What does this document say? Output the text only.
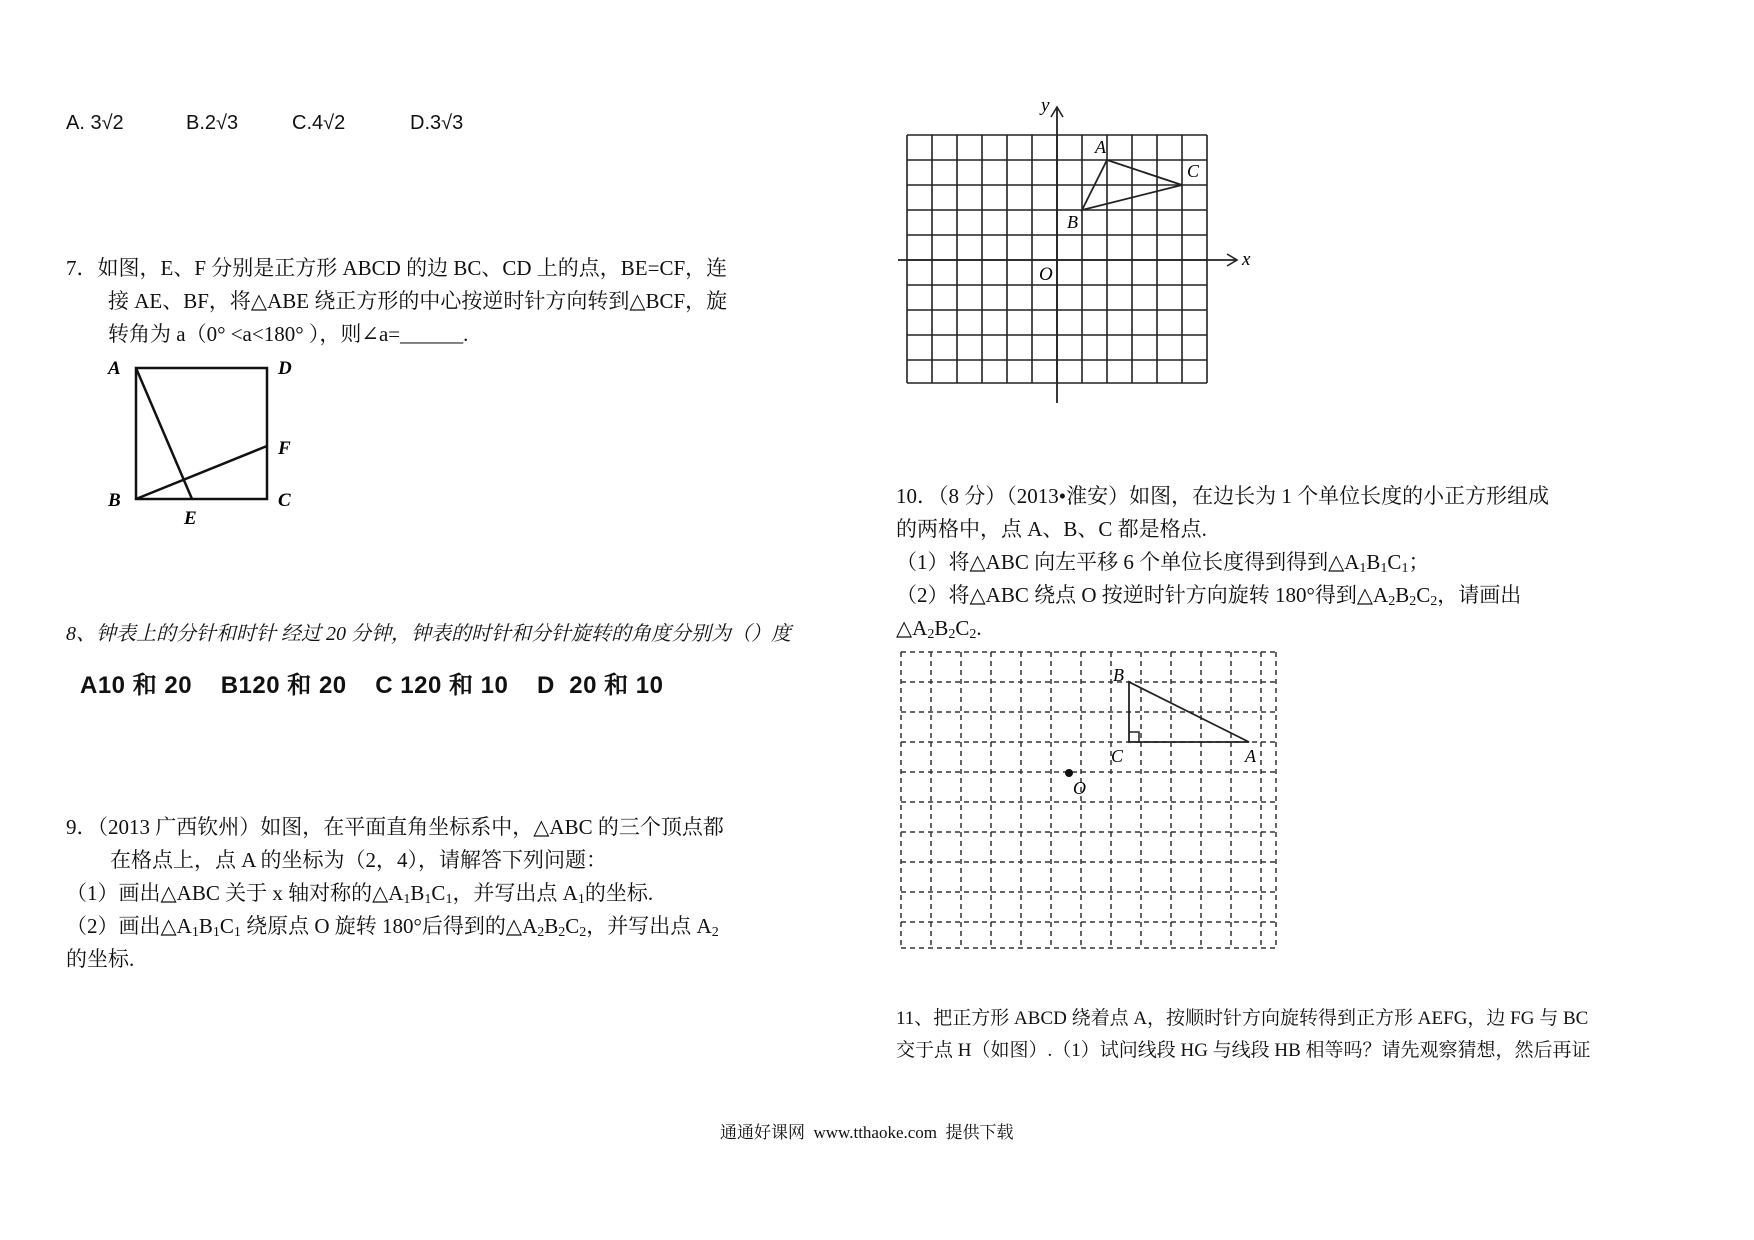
A. 3√2	B.2√3	C.4√2	D.3√3
7．如图，E、F 分别是正方形 ABCD 的边 BC、CD 上的点，BE=CF，连
接 AE、BF，将△ABE 绕正方形的中心按逆时针方向转到△BCF，旋
转角为 a（0° <a<180° ），则∠a=______.
A	D
F
B	C
E
8、钟表上的分针和时针 经过 20 分钟，钟表的时针和分针旋转的角度分别为（）度
A10 和 20    B120 和 20    C 120 和 10    D  20 和 10
9．（2013 广西钦州）如图，在平面直角坐标系中，△ABC 的三个顶点都
在格点上，点 A 的坐标为（2，4），请解答下列问题：
（1）画出△ABC 关于 x 轴对称的$\triangle A_1B_1C_1$，并写出点 $A_1$的坐标.
（2）画出$\triangle A_1B_1C_1$ 绕原点 O 旋转 180°后得到的$\triangle A_2B_2C_2$，并写出点 $A_2$
的坐标.
x
y
O
A
B
C
10．（8 分）（2013•淮安）如图，在边长为 1 个单位长度的小正方形组成
的两格中，点 A、B、C 都是格点.
（1）将△ABC 向左平移 6 个单位长度得到得到$\triangle A_1B_1C_1$；
（2）将△ABC 绕点 O 按逆时针方向旋转 180°得到$\triangle A_2B_2C_2$，请画出
$\triangle A_2B_2C_2$.
B
C	A
O
11、把正方形 ABCD 绕着点 A，按顺时针方向旋转得到正方形 AEFG，边 FG 与 BC
交于点 H（如图）.（1）试问线段 HG 与线段 HB 相等吗？请先观察猜想，然后再证
通通好课网  www.tthaoke.com  提供下载
